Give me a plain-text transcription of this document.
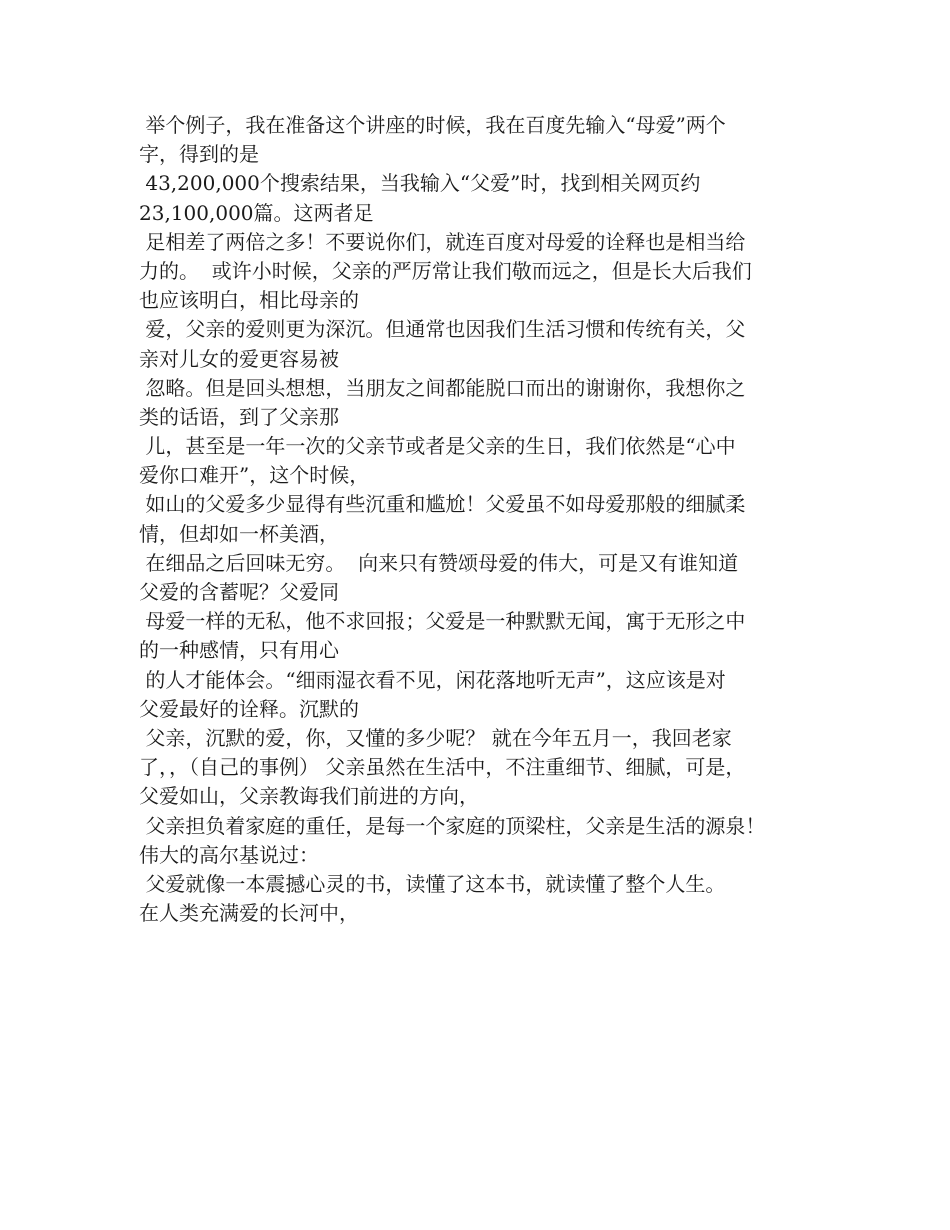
举个例子，我在准备这个讲座的时候，我在百度先输入“母爱”两个
字，得到的是
43,200,000个搜索结果，当我输入“父爱”时，找到相关网页约
23,100,000篇。这两者足
足相差了两倍之多！不要说你们，就连百度对母爱的诠释也是相当给
力的。  或许小时候，父亲的严厉常让我们敬而远之，但是长大后我们
也应该明白，相比母亲的
爱，父亲的爱则更为深沉。但通常也因我们生活习惯和传统有关，父
亲对儿女的爱更容易被
忽略。但是回头想想，当朋友之间都能脱口而出的谢谢你，我想你之
类的话语，到了父亲那
儿，甚至是一年一次的父亲节或者是父亲的生日，我们依然是“心中
爱你口难开”，这个时候，
如山的父爱多少显得有些沉重和尴尬！父爱虽不如母爱那般的细腻柔
情，但却如一杯美酒，
在细品之后回味无穷。  向来只有赞颂母爱的伟大，可是又有谁知道
父爱的含蓄呢？父爱同
母爱一样的无私，他不求回报；父爱是一种默默无闻，寓于无形之中
的一种感情，只有用心
的人才能体会。“细雨湿衣看不见，闲花落地听无声”，这应该是对
父爱最好的诠释。沉默的
父亲，沉默的爱，你，又懂的多少呢？ 就在今年五月一，我回老家
了，，（自己的事例） 父亲虽然在生活中，不注重细节、细腻，可是，
父爱如山，父亲教诲我们前进的方向，
父亲担负着家庭的重任，是每一个家庭的顶梁柱，父亲是生活的源泉！
伟大的高尔基说过：
父爱就像一本震撼心灵的书，读懂了这本书，就读懂了整个人生。
在人类充满爱的长河中，
